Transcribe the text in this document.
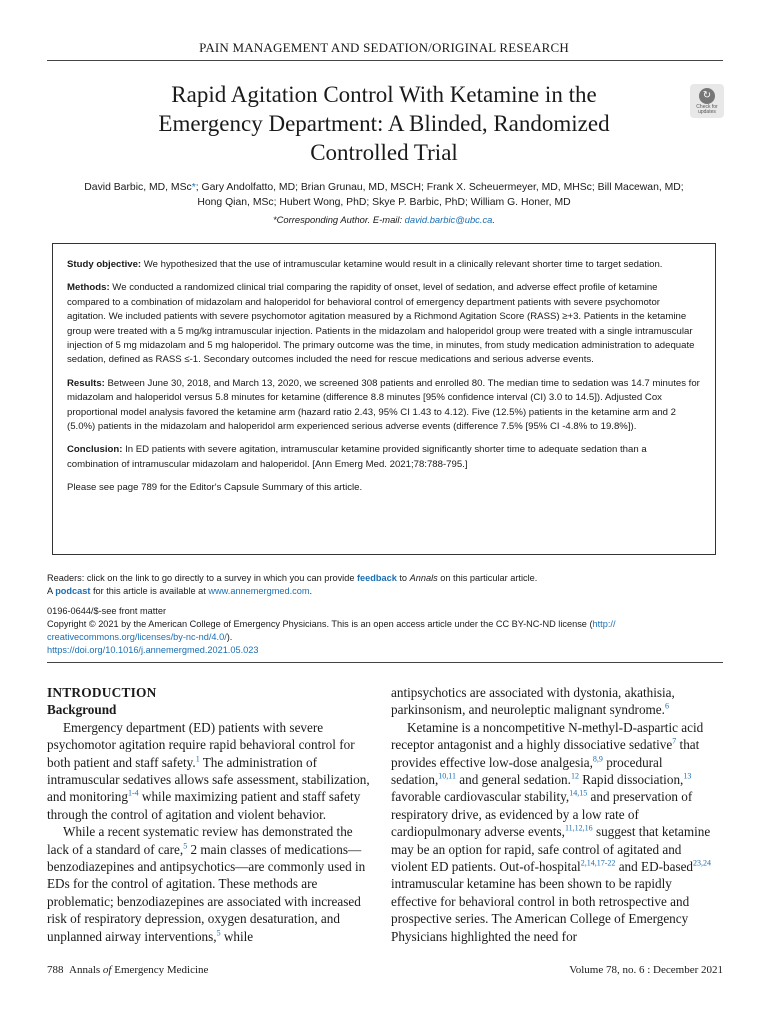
PAIN MANAGEMENT AND SEDATION/ORIGINAL RESEARCH
Rapid Agitation Control With Ketamine in the
Emergency Department: A Blinded, Randomized
Controlled Trial
↻
Check for updates
David Barbic, MD, MSc*; Gary Andolfatto, MD; Brian Grunau, MD, MSCH; Frank X. Scheuermeyer, MD, MHSc; Bill Macewan, MD;
Hong Qian, MSc; Hubert Wong, PhD; Skye P. Barbic, PhD; William G. Honer, MD
*Corresponding Author. E-mail: david.barbic@ubc.ca.

Study objective: We hypothesized that the use of intramuscular ketamine would result in a clinically relevant shorter time to target sedation.

Methods: We conducted a randomized clinical trial comparing the rapidity of onset, level of sedation, and adverse effect profile of ketamine compared to a combination of midazolam and haloperidol for behavioral control of emergency department patients with severe psychomotor agitation. We included patients with severe psychomotor agitation measured by a Richmond Agitation Score (RASS) ≥+3. Patients in the ketamine group were treated with a 5 mg/kg intramuscular injection. Patients in the midazolam and haloperidol group were treated with a single intramuscular injection of 5 mg midazolam and 5 mg haloperidol. The primary outcome was the time, in minutes, from study medication administration to adequate sedation, defined as RASS ≤-1. Secondary outcomes included the need for rescue medications and serious adverse events.

Results: Between June 30, 2018, and March 13, 2020, we screened 308 patients and enrolled 80. The median time to sedation was 14.7 minutes for midazolam and haloperidol versus 5.8 minutes for ketamine (difference 8.8 minutes [95% confidence interval (CI) 3.0 to 14.5]). Adjusted Cox proportional model analysis favored the ketamine arm (hazard ratio 2.43, 95% CI 1.43 to 4.12). Five (12.5%) patients in the ketamine arm and 2 (5.0%) patients in the midazolam and haloperidol arm experienced serious adverse events (difference 7.5% [95% CI -4.8% to 19.8%]).

Conclusion: In ED patients with severe agitation, intramuscular ketamine provided significantly shorter time to adequate sedation than a combination of intramuscular midazolam and haloperidol. [Ann Emerg Med. 2021;78:788-795.]

Please see page 789 for the Editor's Capsule Summary of this article.

Readers: click on the link to go directly to a survey in which you can provide feedback to Annals on this particular article.

A podcast for this article is available at www.annemergmed.com.

0196-0644/$-see front matter

Copyright © 2021 by the American College of Emergency Physicians. This is an open access article under the CC BY-NC-ND license (http://
creativecommons.org/licenses/by-nc-nd/4.0/).

https://doi.org/10.1016/j.annemergmed.2021.05.023

INTRODUCTION

Background

Emergency department (ED) patients with severe psychomotor agitation require rapid behavioral control for both patient and staff safety.$^1$ The administration of intramuscular sedatives allows safe assessment, stabilization, and monitoring$^{1-4}$ while maximizing patient and staff safety through the control of agitation and violent behavior.

While a recent systematic review has demonstrated the lack of a standard of care,$^5$ 2 main classes of medications—benzodiazepines and antipsychotics—are commonly used in EDs for the control of agitation. These methods are problematic; benzodiazepines are associated with increased risk of respiratory depression, oxygen desaturation, and unplanned airway interventions,$^5$ while

antipsychotics are associated with dystonia, akathisia, parkinsonism, and neuroleptic malignant syndrome.$^6$

Ketamine is a noncompetitive N-methyl-D-aspartic acid receptor antagonist and a highly dissociative sedative$^7$ that provides effective low-dose analgesia,$^{8,9}$ procedural sedation,$^{10,11}$ and general sedation.$^{12}$ Rapid dissociation,$^{13}$ favorable cardiovascular stability,$^{14,15}$ and preservation of respiratory drive, as evidenced by a low rate of cardiopulmonary adverse events,$^{11,12,16}$ suggest that ketamine may be an option for rapid, safe control of agitated and violent ED patients. Out-of-hospital$^{2,14,17-22}$ and ED-based$^{23,24}$ intramuscular ketamine has been shown to be rapidly effective for behavioral control in both retrospective and prospective series. The American College of Emergency Physicians highlighted the need for

788 Annals of Emergency Medicine	Volume 78, no. 6 : December 2021
